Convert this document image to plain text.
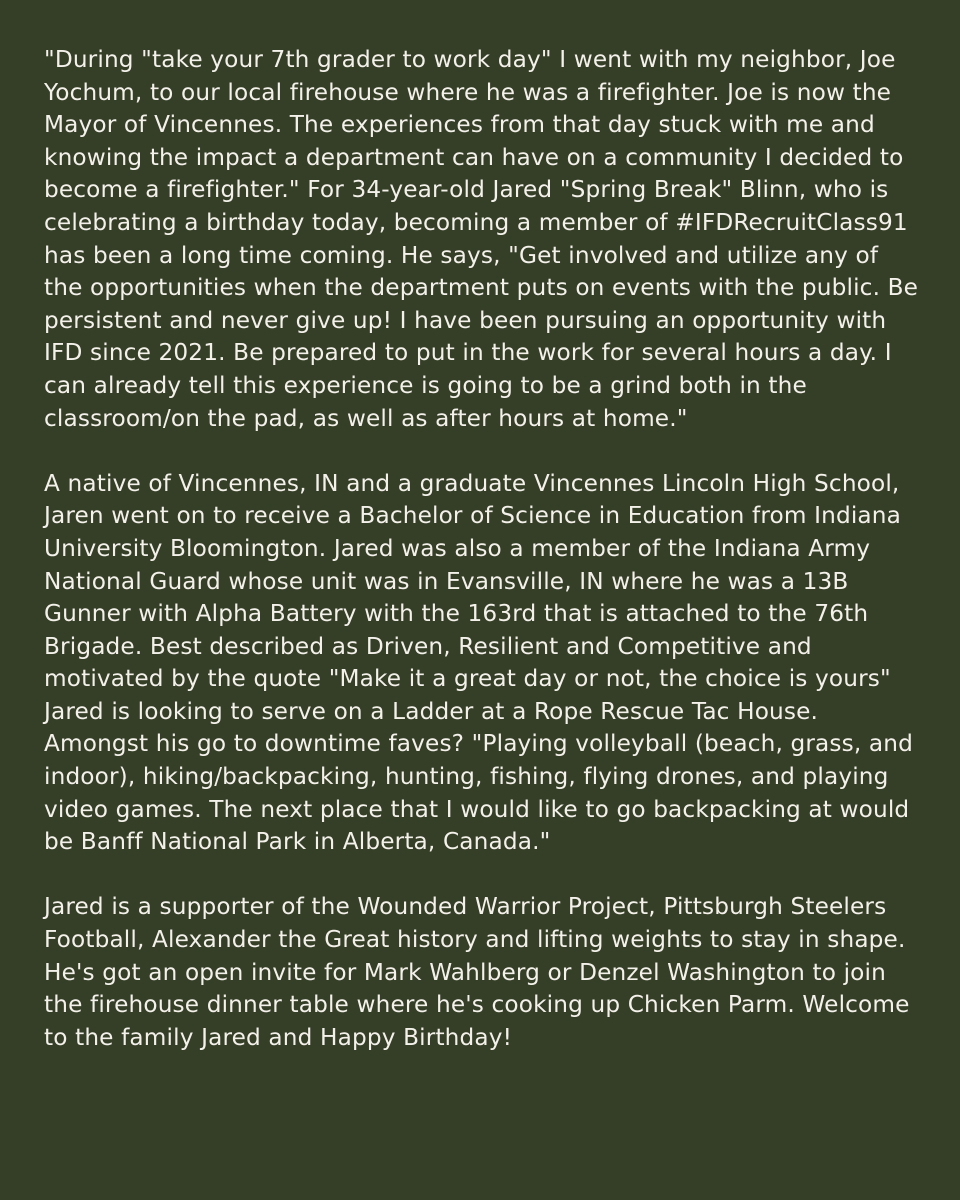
"During "take your 7th grader to work day" I went with my neighbor, Joe Yochum, to our local firehouse where he was a firefighter. Joe is now the Mayor of Vincennes. The experiences from that day stuck with me and knowing the impact a department can have on a community I decided to become a firefighter." For 34-year-old Jared "Spring Break" Blinn, who is celebrating a birthday today, becoming a member of #IFDRecruitClass91 has been a long time coming. He says, "Get involved and utilize any of the opportunities when the department puts on events with the public. Be persistent and never give up! I have been pursuing an opportunity with IFD since 2021. Be prepared to put in the work for several hours a day. I can already tell this experience is going to be a grind both in the classroom/on the pad, as well as after hours at home."

A native of Vincennes, IN and a graduate Vincennes Lincoln High School, Jaren went on to receive a Bachelor of Science in Education from Indiana University Bloomington. Jared was also a member of the Indiana Army National Guard whose unit was in Evansville, IN where he was a 13B Gunner with Alpha Battery with the 163rd that is attached to the 76th Brigade. Best described as Driven, Resilient and Competitive and motivated by the quote "Make it a great day or not, the choice is yours" Jared is looking to serve on a Ladder at a Rope Rescue Tac House. Amongst his go to downtime faves? "Playing volleyball (beach, grass, and indoor), hiking/backpacking, hunting, fishing, flying drones, and playing video games. The next place that I would like to go backpacking at would be Banff National Park in Alberta, Canada."

Jared is a supporter of the Wounded Warrior Project, Pittsburgh Steelers Football, Alexander the Great history and lifting weights to stay in shape. He's got an open invite for Mark Wahlberg or Denzel Washington to join the firehouse dinner table where he's cooking up Chicken Parm. Welcome to the family Jared and Happy Birthday!
